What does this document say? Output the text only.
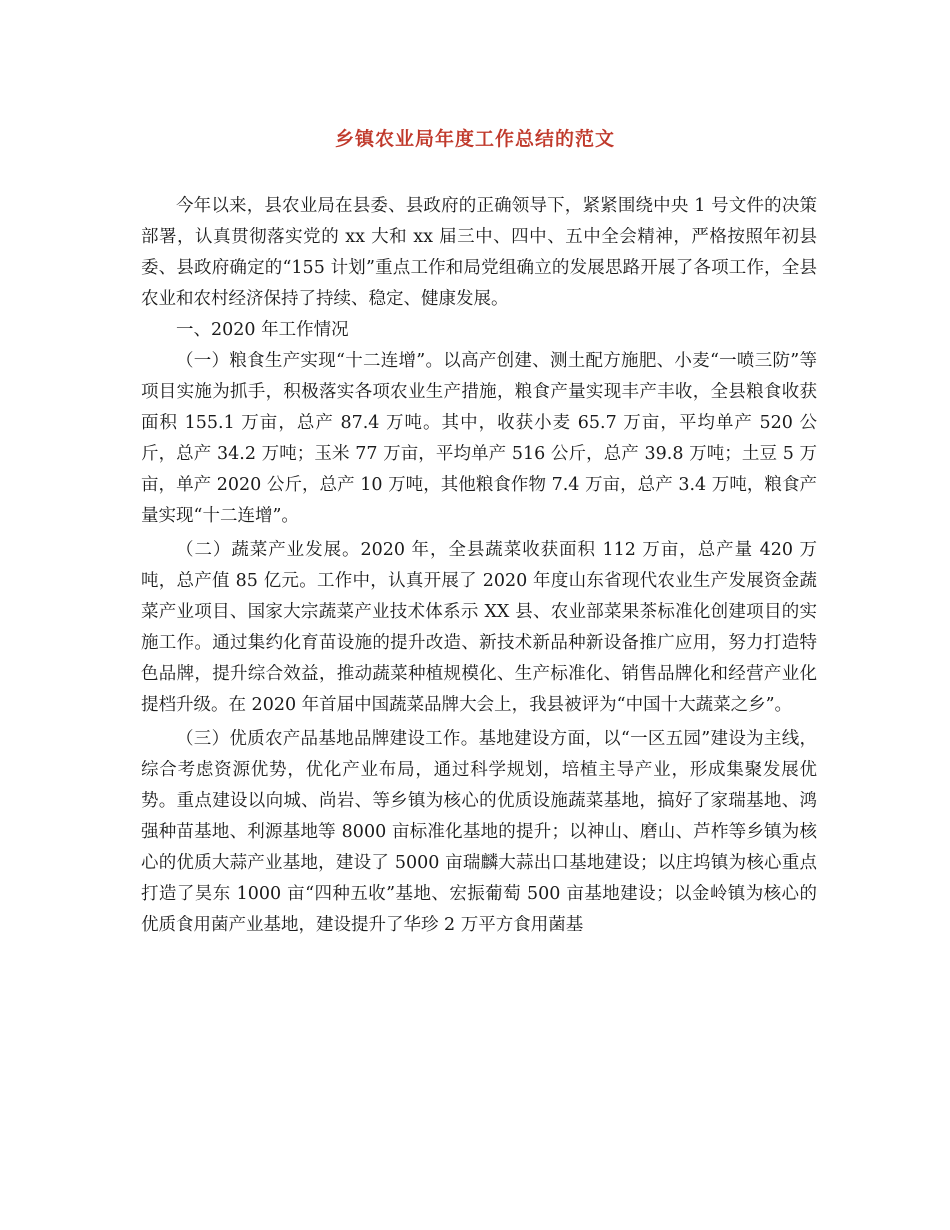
乡镇农业局年度工作总结的范文

今年以来，县农业局在县委、县政府的正确领导下，紧紧围绕中央 1 号文件的决策部署，认真贯彻落实党的 xx 大和 xx 届三中、四中、五中全会精神，严格按照年初县委、县政府确定的“155 计划”重点工作和局党组确立的发展思路开展了各项工作，全县农业和农村经济保持了持续、稳定、健康发展。

一、2020 年工作情况

（一）粮食生产实现“十二连增”。以高产创建、测土配方施肥、小麦“一喷三防”等项目实施为抓手，积极落实各项农业生产措施，粮食产量实现丰产丰收，全县粮食收获面积 155.1 万亩，总产 87.4 万吨。其中，收获小麦 65.7 万亩，平均单产 520 公斤，总产 34.2 万吨；玉米 77 万亩，平均单产 516 公斤，总产 39.8 万吨；土豆 5 万亩，单产 2020 公斤，总产 10 万吨，其他粮食作物 7.4 万亩，总产 3.4 万吨，粮食产量实现“十二连增”。

（二）蔬菜产业发展。2020 年，全县蔬菜收获面积 112 万亩，总产量 420 万吨，总产值 85 亿元。工作中，认真开展了 2020 年度山东省现代农业生产发展资金蔬菜产业项目、国家大宗蔬菜产业技术体系示 XX 县、农业部菜果茶标准化创建项目的实施工作。通过集约化育苗设施的提升改造、新技术新品种新设备推广应用，努力打造特色品牌，提升综合效益，推动蔬菜种植规模化、生产标准化、销售品牌化和经营产业化提档升级。在 2020 年首届中国蔬菜品牌大会上，我县被评为“中国十大蔬菜之乡”。

（三）优质农产品基地品牌建设工作。基地建设方面，以“一区五园”建设为主线，综合考虑资源优势，优化产业布局，通过科学规划，培植主导产业，形成集聚发展优势。重点建设以向城、尚岩、等乡镇为核心的优质设施蔬菜基地，搞好了家瑞基地、鸿强种苗基地、利源基地等 8000 亩标准化基地的提升；以神山、磨山、芦柞等乡镇为核心的优质大蒜产业基地，建设了 5000 亩瑞麟大蒜出口基地建设；以庄坞镇为核心重点打造了昊东 1000 亩“四种五收”基地、宏振葡萄 500 亩基地建设；以金岭镇为核心的优质食用菌产业基地，建设提升了华珍 2 万平方食用菌基
